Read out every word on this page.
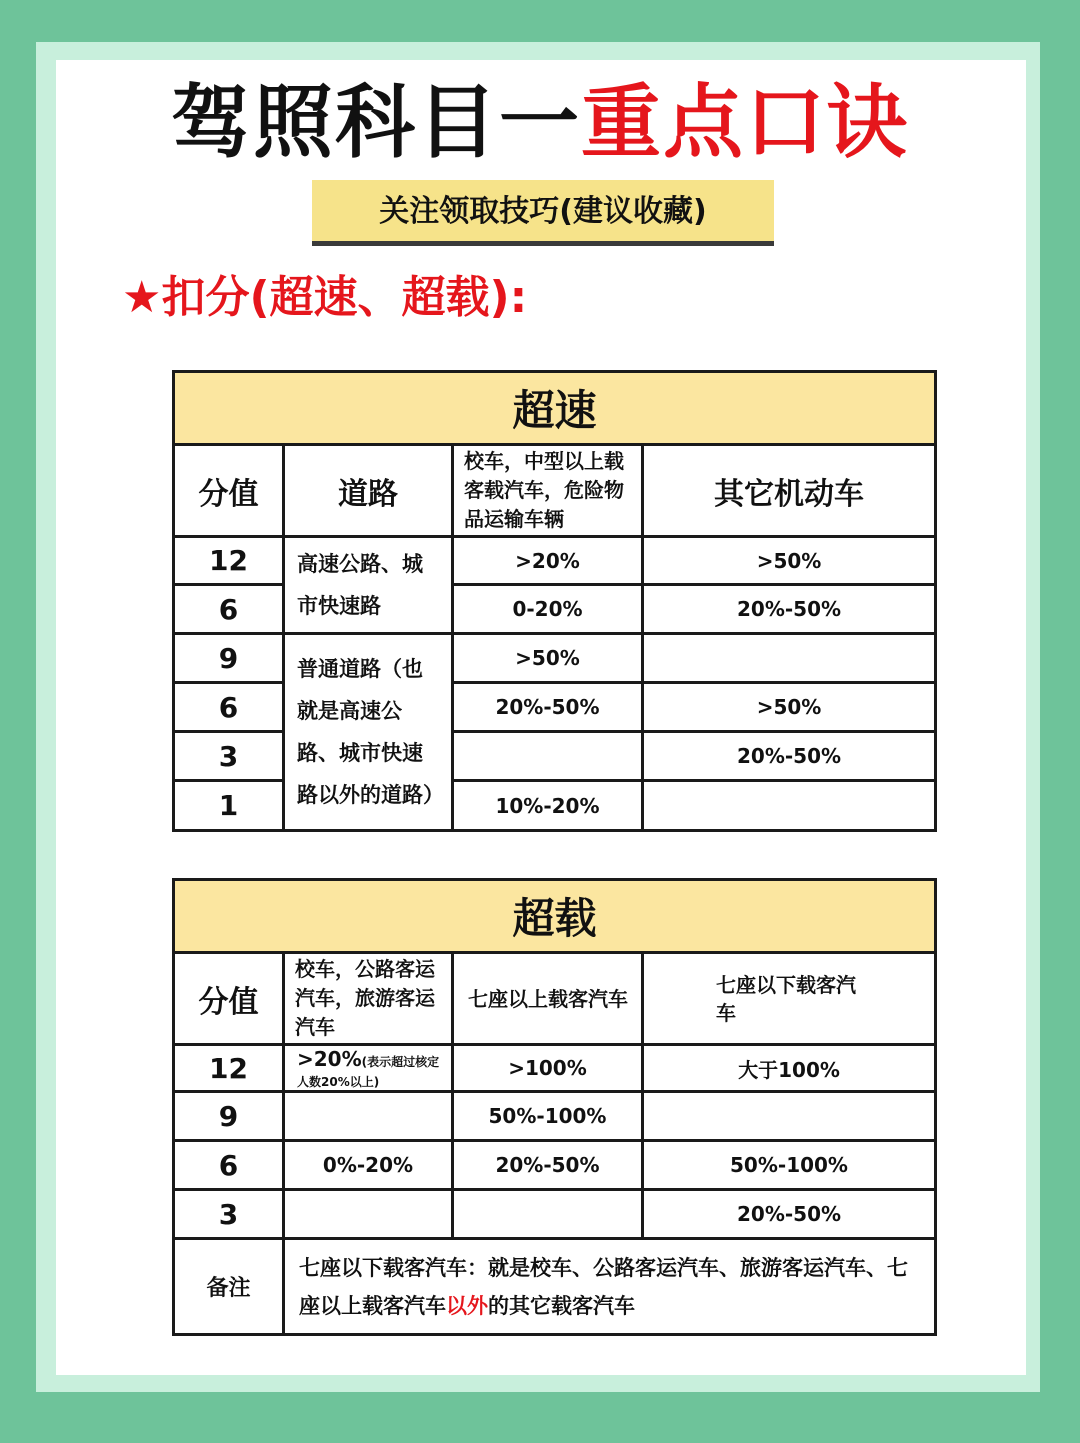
驾照科目一重点口诀
关注领取技巧(建议收藏)
★扣分(超速、超载):
超速			
分值	道路	校车，中型以上载客载汽车，危险物品运输车辆	其它机动车
12	高速公路、城市快速路	>20%	>50%
6		0-20%	20%-50%
9	普通道路（也就是高速公路、城市快速路以外的道路）	>50%	
6		20%-50%	>50%
3			20%-50%
1		10%-20%	
超载			
分值	校车，公路客运汽车，旅游客运汽车	七座以上载客汽车	七座以下载客汽车
12	>20%(表示超过核定人数20%以上)	>100%	大于100%
9		50%-100%	
6	0%-20%	20%-50%	50%-100%
3			20%-50%
备注	七座以下载客汽车：就是校车、公路客运汽车、旅游客运汽车、七座以上载客汽车以外的其它载客汽车		
